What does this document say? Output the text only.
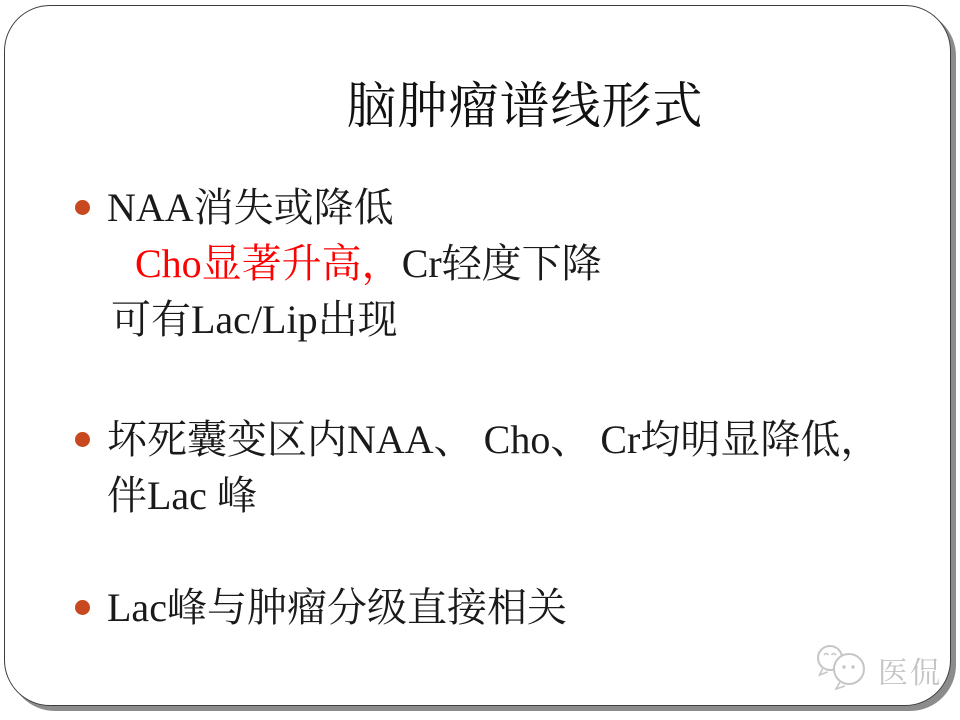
脑肿瘤谱线形式
NAA消失或降低
Cho显著升高，Cr轻度下降
可有Lac/Lip出现
坏死囊变区内NAA、 Cho、 Cr均明显降低，
伴Lac 峰
Lac峰与肿瘤分级直接相关
医侃
